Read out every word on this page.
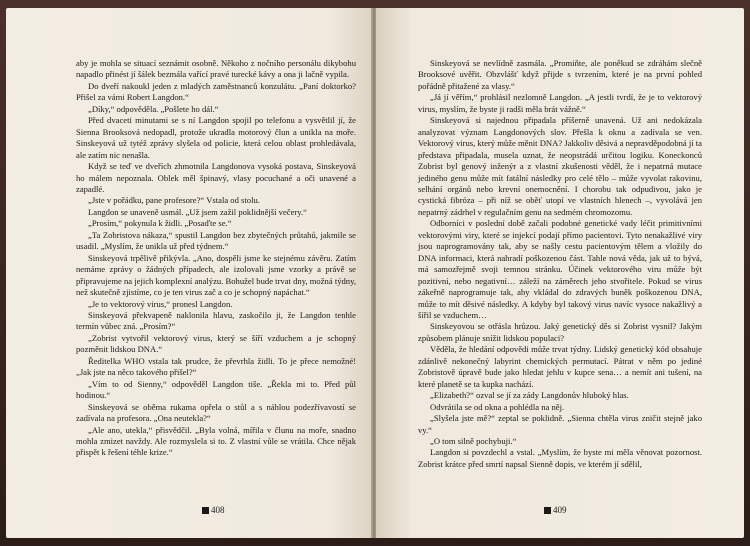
aby je mohla se situací seznámit osobně. Někoho z nočního personálu dikybohu napadlo přinést jí šálek bezmála vařící pravé turecké kávy a ona ji lačně vypila.

Do dveří nakoukl jeden z mladých zaměstnanců konzulátu. „Paní doktorko? Přišel za vámi Robert Langdon.“

„Díky,“ odpověděla. „Pošlete ho dál.“

Před dvaceti minutami se s ní Langdon spojil po telefonu a vysvětlil jí, že Sienna Brooksová nedopadl, protože ukradla motorový člun a unikla na moře. Sinskeyová už tytéž zprávy slyšela od policie, která celou oblast prohledávala, ale zatím nic nenašla.

Když se teď ve dveřích zhmotnila Langdonova vysoká postava, Sinskeyová ho málem nepoznala. Oblek měl špinavý, vlasy pocuchané a oči unavené a zapadlé.

„Jste v pořádku, pane profesore?“ Vstala od stolu.

Langdon se unaveně usmál. „Už jsem zažil poklidnější večery.“

„Prosím,“ pokynula k židli. „Posaďte se.“

„Ta Zobristova nákaza,“ spustil Langdon bez zbytečných průtahů, jakmile se usadil. „Myslím, že unikla už před týdnem.“

Sinskeyová trpělivě přikývla. „Ano, dospěli jsme ke stejnému závěru. Zatím nemáme zprávy o žádných případech, ale izolovali jsme vzorky a právě se připravujeme na jejich komplexní analýzu. Bohužel bude trvat dny, možná týdny, než skutečně zjistíme, co je ten virus zač a co je schopný napáchat.“

„Je to vektorový virus,“ pronesl Langdon.

Sinskeyová překvapeně naklonila hlavu, zaskočilo ji, že Langdon tenhle termín vůbec zná. „Prosím?“

„Zobrist vytvořil vektorový virus, který se šíří vzduchem a je schopný pozměnit lidskou DNA.“

Ředitelka WHO vstala tak prudce, že převrhla židli. To je přece nemožné! „Jak jste na něco takového přišel?“

„Vím to od Sienny,“ odpověděl Langdon tiše. „Řekla mi to. Před půl hodinou.“

Sinskeyová se oběma rukama opřela o stůl a s náhlou podezřívavostí se zadívala na profesora. „Ona neutekla?“

„Ale ano, utekla,“ přisvědčil. „Byla volná, mířila v člunu na moře, snadno mohla zmizet navždy. Ale rozmyslela si to. Z vlastní vůle se vrátila. Chce nějak přispět k řešení téhle krize.“

408

Sinskeyová se nevlídně zasmála. „Promiňte, ale poněkud se zdráhám slečně Brooksové uvěřit. Obzvlášť když přijde s tvrzením, které je na první pohled pořádně přitažené za vlasy.“

„Já jí věřím,“ prohlásil nezlomně Langdon. „A jestli tvrdí, že je to vektorový virus, myslím, že byste ji radši měla brát vážně.“

Sinskeyová si najednou připadala příšerně unavená. Už ani nedokázala analyzovat význam Langdonových slov. Přešla k oknu a zadívala se ven. Vektorový virus, který může měnit DNA? Jakkoliv děsivá a nepravděpodobná jí ta představa připadala, musela uznat, že neopstrádá určitou logiku. Koneckonců Zobrist byl genový inženýr a z vlastní zkušenosti věděl, že i nepatrná mutace jediného genu může mít fatální následky pro celé tělo – může vyvolat rakovinu, selhání orgánů nebo krevní onemocnění. I chorobu tak odpudivou, jako je cystická fibróza – při níž se oběť utopí ve vlastních hlenech –, vyvolává jen nepatrný zádrhel v regulačním genu na sedmém chromozomu.

Odborníci v poslední době začali podobné genetické vady léčit primitivními vektorovými viry, které se injekcí podají přímo pacientovi. Tyto nenakažlivé viry jsou naprogramovány tak, aby se našly cestu pacientovým tělem a vložily do DNA informaci, která nahradí poškozenou část. Tahle nová věda, jak už to bývá, má samozřejmě svoji temnou stránku. Účinek vektorového viru může být pozitivní, nebo negativní… záleží na záměrech jeho stvořitele. Pokud se virus zákeřně naprogramuje tak, aby vkládal do zdravých buněk poškozenou DNA, může to mít děsivé následky. A kdyby byl takový virus navíc vysoce nakažlivý a šířil se vzduchem…

Sinskeyovou se otřásla hrůzou. Jaký genetický děs si Zobrist vysnil? Jakým způsobem plánuje snížit lidskou populaci?

Věděla, že hledání odpovědi může trvat týdny. Lidský genetický kód obsahuje zdánlivě nekonečný labyrint chemických permutací. Pátrat v něm po jediné Zobristově úpravě bude jako hledat jehlu v kupce sena… a nemít ani tušení, na které planetě se ta kupka nachází.

„Elizabeth?“ ozval se jí za zády Langdonův hluboký hlas.

Odvrátila se od okna a pohlédla na něj.

„Slyšela jste mě?“ zeptal se poklidně. „Sienna chtěla virus zničit stejně jako vy.“

„O tom silně pochybuji.“

Langdon si povzdechl a vstal. „Myslím, že byste mi měla věnovat pozornost. Zobrist krátce před smrtí napsal Sienně dopis, ve kterém jí sdělil,

409
